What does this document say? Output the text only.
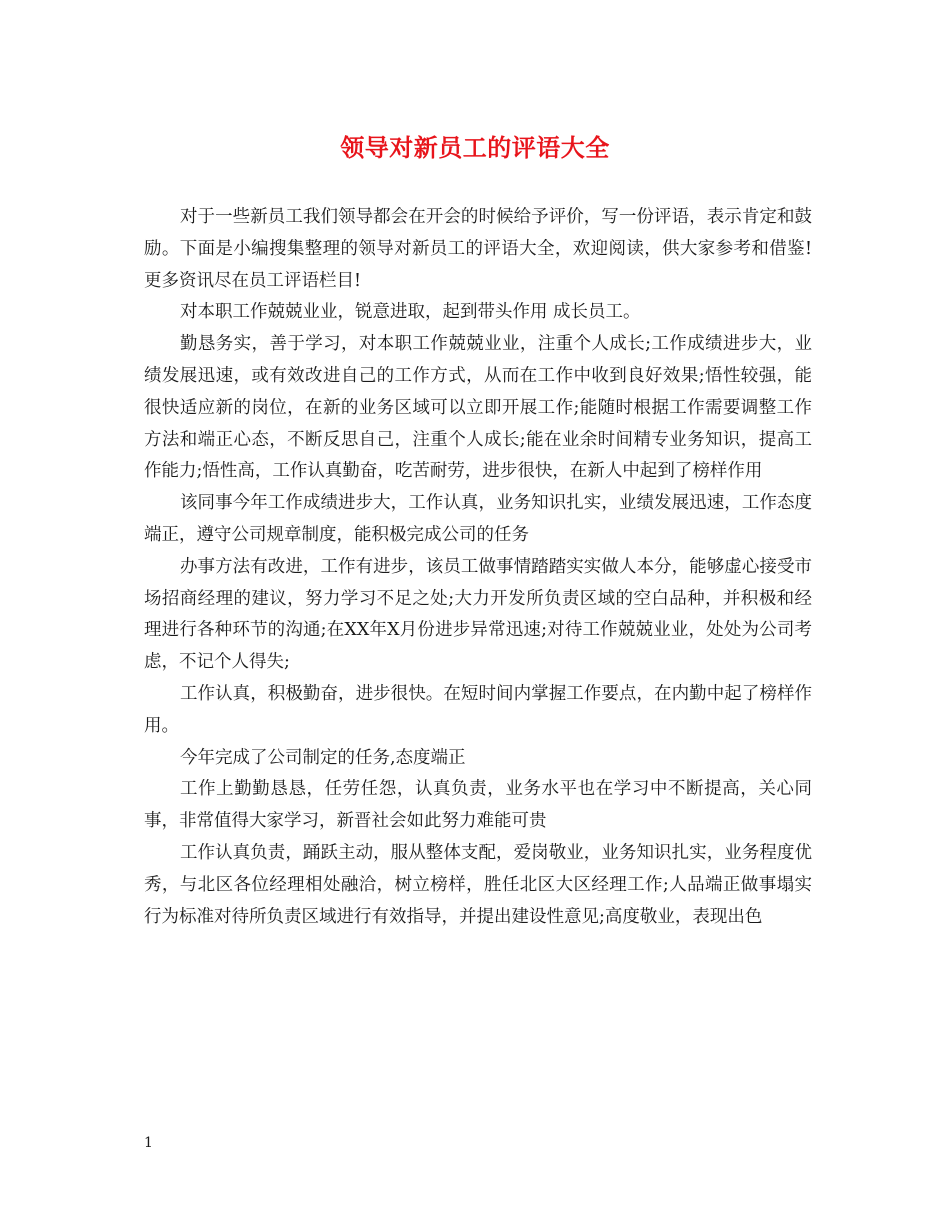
领导对新员工的评语大全

对于一些新员工我们领导都会在开会的时候给予评价，写一份评语，表示肯定和鼓励。下面是小编搜集整理的领导对新员工的评语大全，欢迎阅读，供大家参考和借鉴!更多资讯尽在员工评语栏目!

对本职工作兢兢业业，锐意进取，起到带头作用 成长员工。

勤恳务实，善于学习，对本职工作兢兢业业，注重个人成长;工作成绩进步大，业绩发展迅速，或有效改进自己的工作方式，从而在工作中收到良好效果;悟性较强，能很快适应新的岗位，在新的业务区域可以立即开展工作;能随时根据工作需要调整工作方法和端正心态，不断反思自己，注重个人成长;能在业余时间精专业务知识，提高工作能力;悟性高，工作认真勤奋，吃苦耐劳，进步很快，在新人中起到了榜样作用

该同事今年工作成绩进步大，工作认真，业务知识扎实，业绩发展迅速，工作态度端正，遵守公司规章制度，能积极完成公司的任务

办事方法有改进，工作有进步，该员工做事情踏踏实实做人本分，能够虚心接受市场招商经理的建议，努力学习不足之处;大力开发所负责区域的空白品种，并积极和经理进行各种环节的沟通;在XX年X月份进步异常迅速;对待工作兢兢业业，处处为公司考虑，不记个人得失;

工作认真，积极勤奋，进步很快。在短时间内掌握工作要点，在内勤中起了榜样作用。

今年完成了公司制定的任务,态度端正

工作上勤勤恳恳，任劳任怨，认真负责，业务水平也在学习中不断提高，关心同事，非常值得大家学习，新晋社会如此努力难能可贵

工作认真负责，踊跃主动，服从整体支配，爱岗敬业，业务知识扎实，业务程度优秀，与北区各位经理相处融洽，树立榜样，胜任北区大区经理工作;人品端正做事塌实行为标准对待所负责区域进行有效指导，并提出建设性意见;高度敬业，表现出色

1
